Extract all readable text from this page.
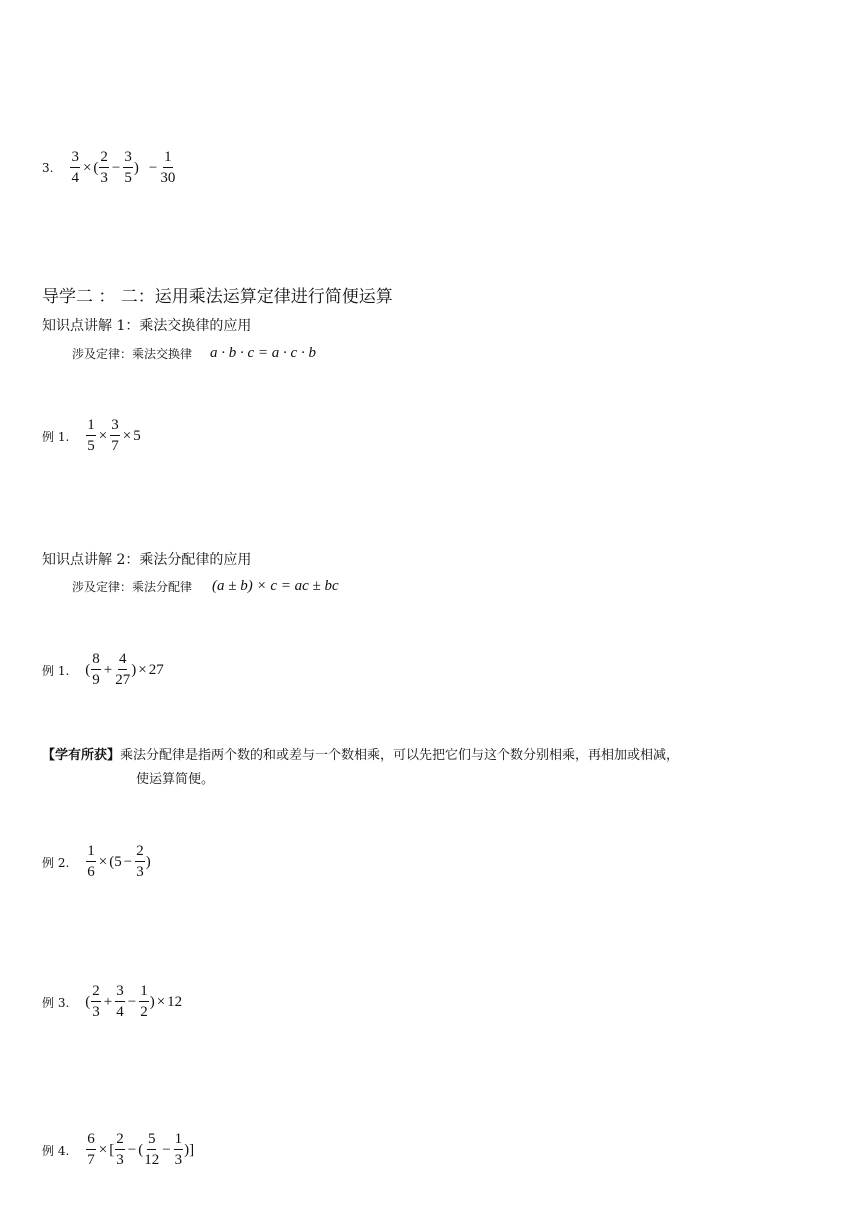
3. $\frac{3}{4}$ × ( $\frac{2}{3} - \frac{3}{5}$ ) − $\frac{1}{30}$
导学二 ： 二：运用乘法运算定律进行简便运算
知识点讲解 1：乘法交换律的应用
涉及定律：乘法交换律 a · b · c = a · c · b
例 1. $\frac{1}{5} \times \frac{3}{7} \times 5$
知识点讲解 2：乘法分配律的应用
涉及定律：乘法分配律 (a ± b) × c = ac ± bc
例 1. ( $\frac{8}{9} + \frac{4}{27}$ ) × 27
【学有所获】 乘法分配律是指两个数的和或差与一个数相乘，可以先把它们与这个数分别相乘，再相加或相减，
使运算简便。
例 2. $\frac{1}{6} \times (5 - \frac{2}{3}$ )
例 3. ( $\frac{2}{3} + \frac{3}{4} - \frac{1}{2}$ ) × 12
例 4. $\frac{6}{7}$ × [ $\frac{2}{3}$ − ( $\frac{5}{12} - \frac{1}{3}$ ) ]
